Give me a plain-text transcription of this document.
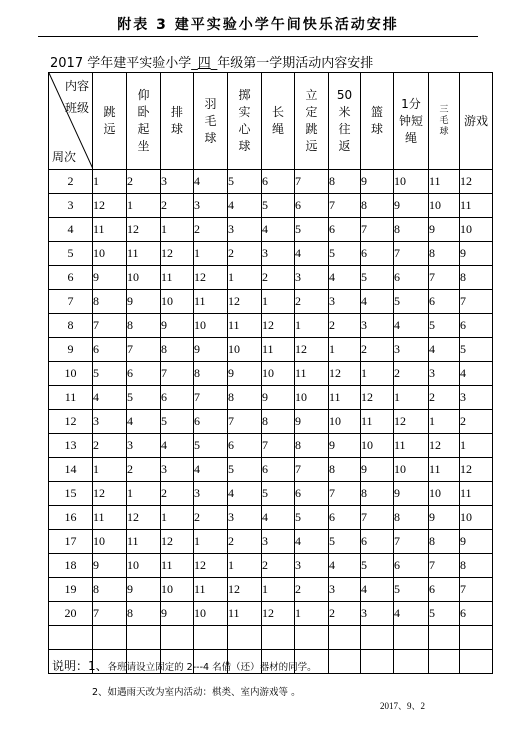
附表 3 建平实验小学午间快乐活动安排
2017 学年建平实验小学_四_年级第一学期活动内容安排
内容
班级
周次	跳远	仰卧起坐	排球	羽毛球	掷实心球	长绳	立定跳远	50米往返	篮球	1分钟短绳	三毛球	游戏
2	1	2	3	4	5	6	7	8	9	10	11	12
3	12	1	2	3	4	5	6	7	8	9	10	11
4	11	12	1	2	3	4	5	6	7	8	9	10
5	10	11	12	1	2	3	4	5	6	7	8	9
6	9	10	11	12	1	2	3	4	5	6	7	8
7	8	9	10	11	12	1	2	3	4	5	6	7
8	7	8	9	10	11	12	1	2	3	4	5	6
9	6	7	8	9	10	11	12	1	2	3	4	5
10	5	6	7	8	9	10	11	12	1	2	3	4
11	4	5	6	7	8	9	10	11	12	1	2	3
12	3	4	5	6	7	8	9	10	11	12	1	2
13	2	3	4	5	6	7	8	9	10	11	12	1
14	1	2	3	4	5	6	7	8	9	10	11	12
15	12	1	2	3	4	5	6	7	8	9	10	11
16	11	12	1	2	3	4	5	6	7	8	9	10
17	10	11	12	1	2	3	4	5	6	7	8	9
18	9	10	11	12	1	2	3	4	5	6	7	8
19	8	9	10	11	12	1	2	3	4	5	6	7
20	7	8	9	10	11	12	1	2	3	4	5	6

说明：1、各班请设立固定的 2---4 名借（还）器材的同学。
2、如遇雨天改为室内活动：棋类、室内游戏等 。
2017、9、2
